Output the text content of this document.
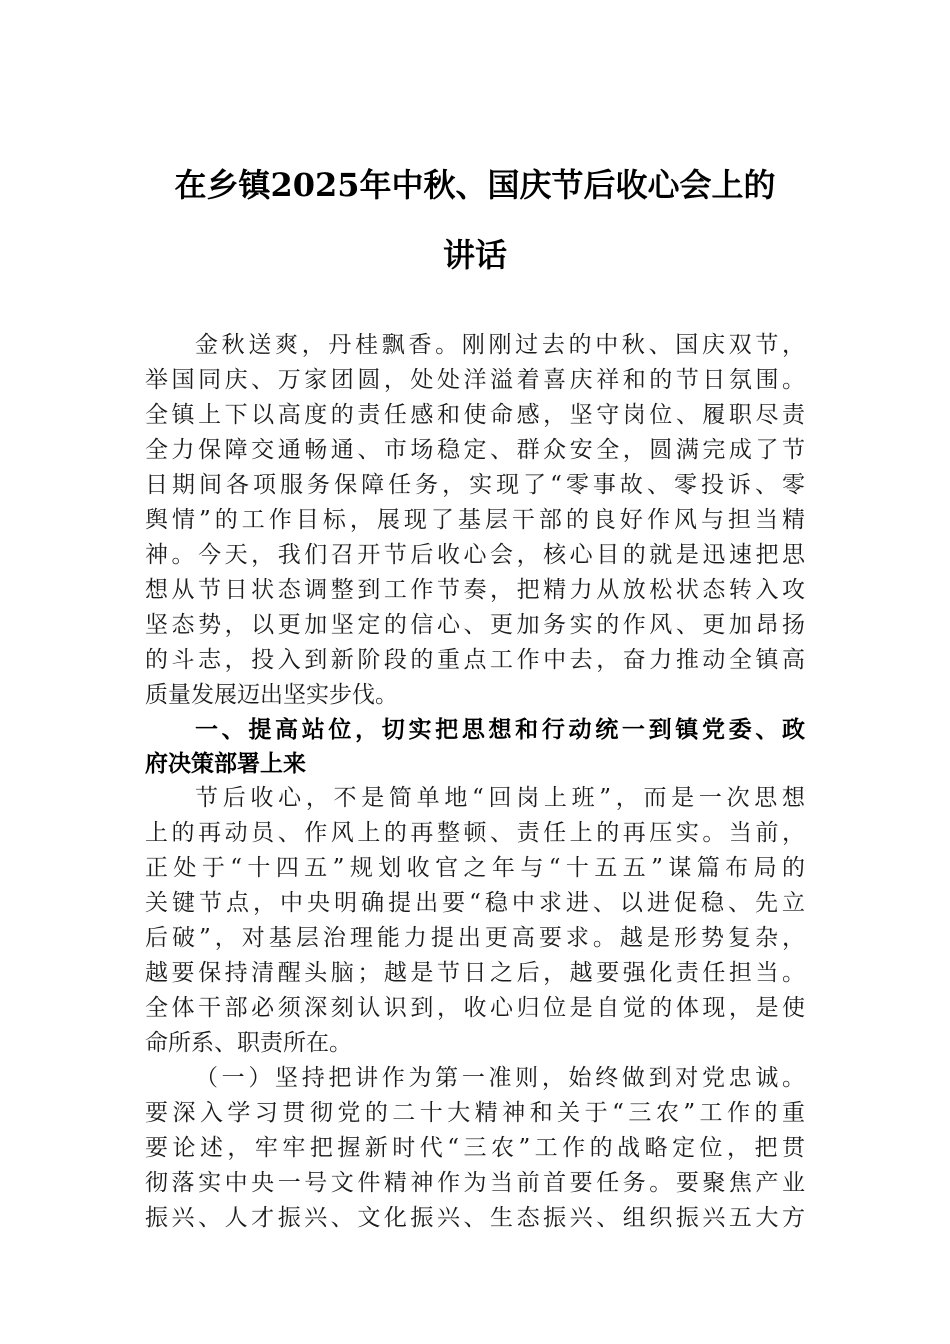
在乡镇2025年中秋、国庆节后收心会上的
讲话
金秋送爽，丹桂飘香。刚刚过去的中秋、国庆双节，
举国同庆、万家团圆，处处洋溢着喜庆祥和的节日氛围。
全镇上下以高度的责任感和使命感，坚守岗位、履职尽责
全力保障交通畅通、市场稳定、群众安全，圆满完成了节
日期间各项服务保障任务，实现了“零事故、零投诉、零
舆情”的工作目标，展现了基层干部的良好作风与担当精
神。今天，我们召开节后收心会，核心目的就是迅速把思
想从节日状态调整到工作节奏，把精力从放松状态转入攻
坚态势，以更加坚定的信心、更加务实的作风、更加昂扬
的斗志，投入到新阶段的重点工作中去，奋力推动全镇高
质量发展迈出坚实步伐。
一、提高站位，切实把思想和行动统一到镇党委、政
府决策部署上来
节后收心，不是简单地“回岗上班”，而是一次思想
上的再动员、作风上的再整顿、责任上的再压实。当前，
正处于“十四五”规划收官之年与“十五五”谋篇布局的
关键节点，中央明确提出要“稳中求进、以进促稳、先立
后破”，对基层治理能力提出更高要求。越是形势复杂，
越要保持清醒头脑；越是节日之后，越要强化责任担当。
全体干部必须深刻认识到，收心归位是自觉的体现，是使
命所系、职责所在。
（一）坚持把讲作为第一准则，始终做到对党忠诚。
要深入学习贯彻党的二十大精神和关于“三农”工作的重
要论述，牢牢把握新时代“三农”工作的战略定位，把贯
彻落实中央一号文件精神作为当前首要任务。要聚焦产业
振兴、人才振兴、文化振兴、生态振兴、组织振兴五大方
